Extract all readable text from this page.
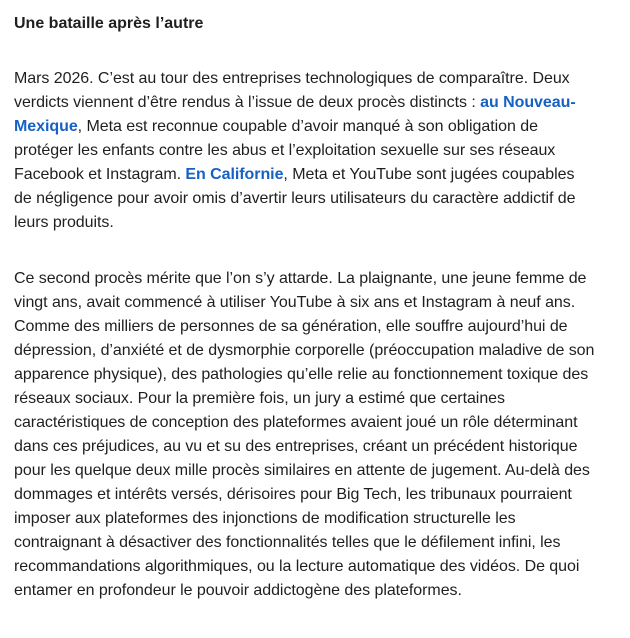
Une bataille après l’autre

Mars 2026. C’est au tour des entreprises technologiques de comparaître. Deux verdicts viennent d’être rendus à l’issue de deux procès distincts : au Nouveau-Mexique, Meta est reconnue coupable d’avoir manqué à son obligation de protéger les enfants contre les abus et l’exploitation sexuelle sur ses réseaux Facebook et Instagram. En Californie, Meta et YouTube sont jugées coupables de négligence pour avoir omis d’avertir leurs utilisateurs du caractère addictif de leurs produits.

Ce second procès mérite que l’on s’y attarde. La plaignante, une jeune femme de vingt ans, avait commencé à utiliser YouTube à six ans et Instagram à neuf ans. Comme des milliers de personnes de sa génération, elle souffre aujourd’hui de dépression, d’anxiété et de dysmorphie corporelle (préoccupation maladive de son apparence physique), des pathologies qu’elle relie au fonctionnement toxique des réseaux sociaux. Pour la première fois, un jury a estimé que certaines caractéristiques de conception des plateformes avaient joué un rôle déterminant dans ces préjudices, au vu et su des entreprises, créant un précédent historique pour les quelque deux mille procès similaires en attente de jugement. Au-delà des dommages et intérêts versés, dérisoires pour Big Tech, les tribunaux pourraient imposer aux plateformes des injonctions de modification structurelle les contraignant à désactiver des fonctionnalités telles que le défilement infini, les recommandations algorithmiques, ou la lecture automatique des vidéos. De quoi entamer en profondeur le pouvoir addictogène des plateformes.
